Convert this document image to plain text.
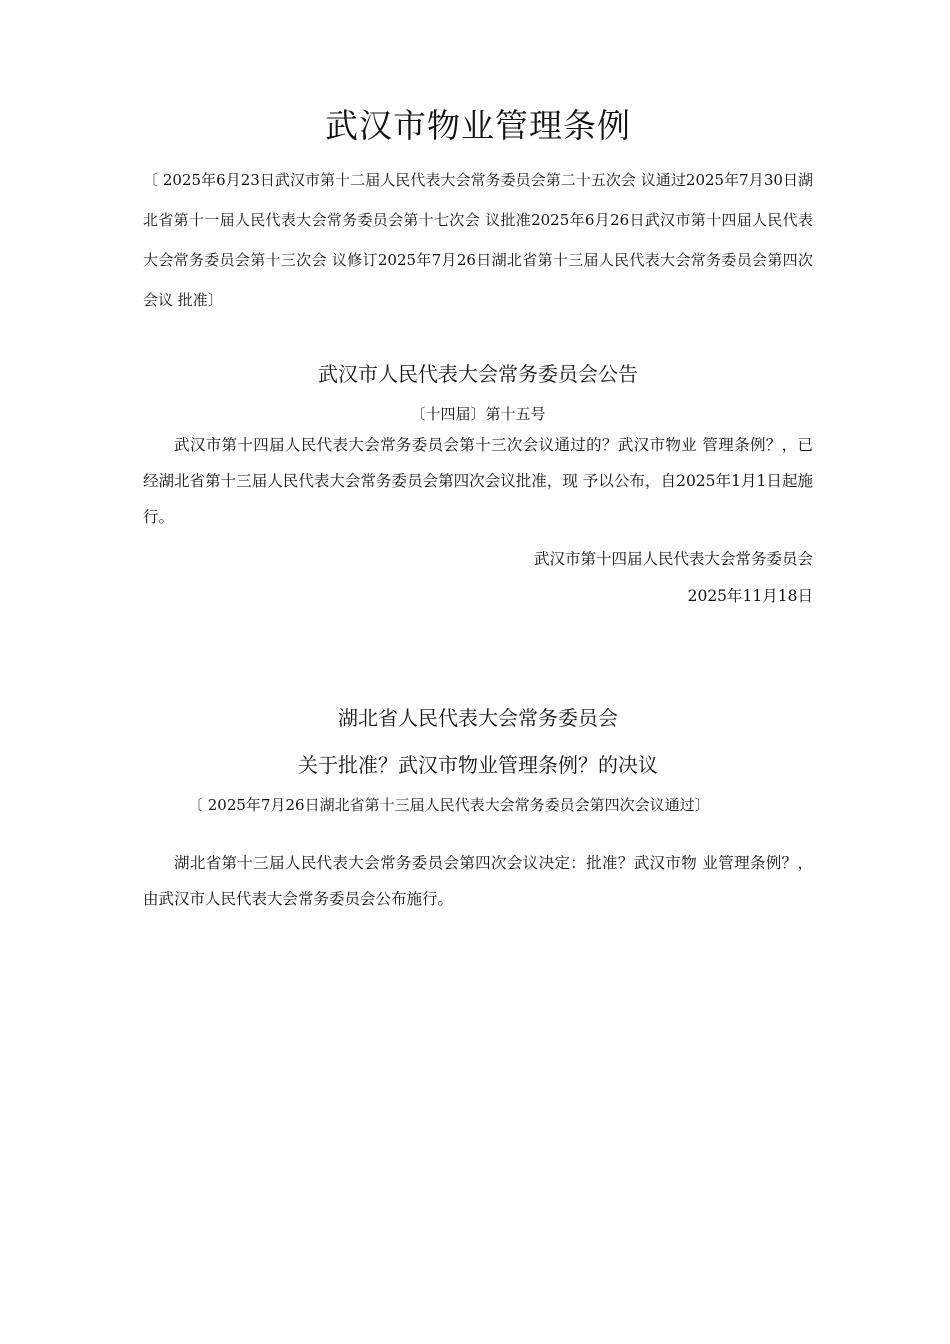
武汉市物业管理条例

〔 2025年6月23日武汉市第十二届人民代表大会常务委员会第二十五次会 议通过2025年7月30日湖北省第十一届人民代表大会常务委员会第十七次会 议批准2025年6月26日武汉市第十四届人民代表大会常务委员会第十三次会 议修订2025年7月26日湖北省第十三届人民代表大会常务委员会第四次会议 批准〕

武汉市人民代表大会常务委员会公告

〔十四届〕第十五号

武汉市第十四届人民代表大会常务委员会第十三次会议通过的？武汉市物业 管理条例？，已经湖北省第十三届人民代表大会常务委员会第四次会议批准，现 予以公布，自2025年1月1日起施行。

武汉市第十四届人民代表大会常务委员会

2025年11月18日

湖北省人民代表大会常务委员会
关于批准？武汉市物业管理条例？的决议

〔 2025年7月26日湖北省第十三届人民代表大会常务委员会第四次会议通过〕

湖北省第十三届人民代表大会常务委员会第四次会议决定：批准？武汉市物 业管理条例？，由武汉市人民代表大会常务委员会公布施行。
